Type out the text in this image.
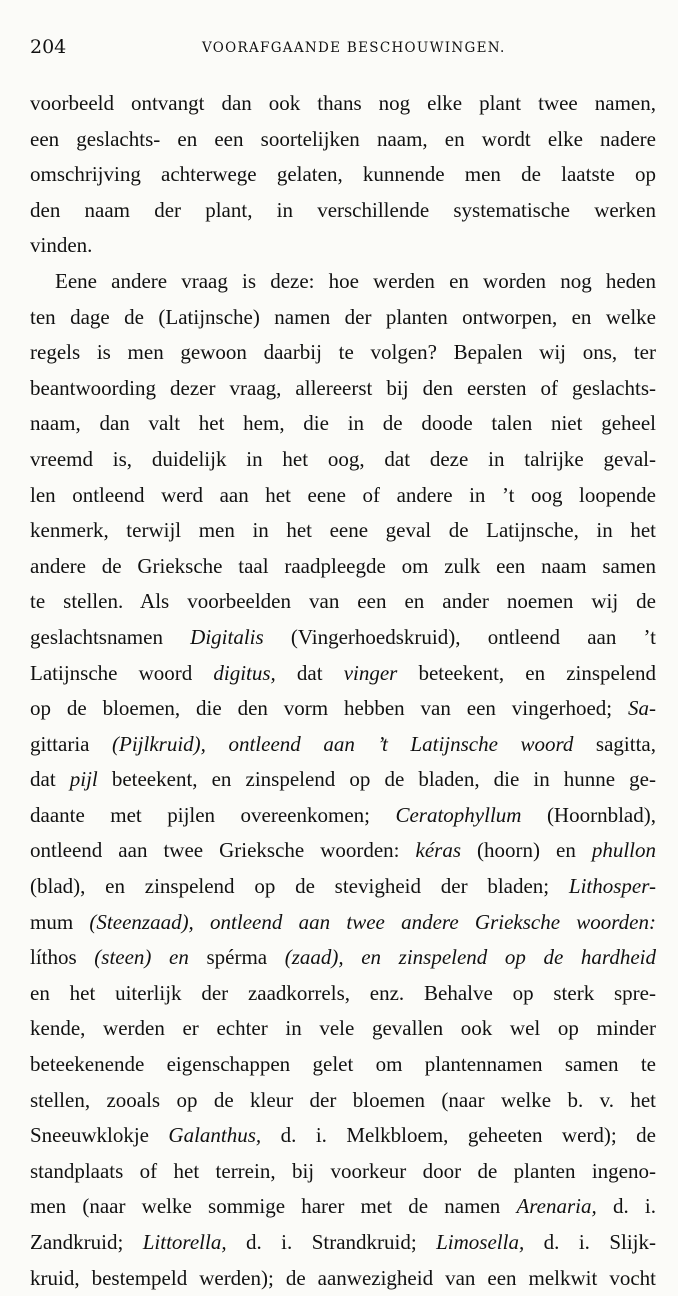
204	VOORAFGAANDE BESCHOUWINGEN.
voorbeeld ontvangt dan ook thans nog elke plant twee namen,
een geslachts- en een soortelijken naam, en wordt elke nadere
omschrijving achterwege gelaten, kunnende men de laatste op
den naam der plant, in verschillende systematische werken
vinden.
Eene andere vraag is deze: hoe werden en worden nog heden
ten dage de (Latijnsche) namen der planten ontworpen, en welke
regels is men gewoon daarbij te volgen? Bepalen wij ons, ter
beantwoording dezer vraag, allereerst bij den eersten of geslachts-
naam, dan valt het hem, die in de doode talen niet geheel
vreemd is, duidelijk in het oog, dat deze in talrijke geval-
len ontleend werd aan het eene of andere in ’t oog loopende
kenmerk, terwijl men in het eene geval de Latijnsche, in het
andere de Grieksche taal raadpleegde om zulk een naam samen
te stellen. Als voorbeelden van een en ander noemen wij de
geslachtsnamen Digitalis (Vingerhoedskruid), ontleend aan ’t
Latijnsche woord digitus, dat vinger beteekent, en zinspelend
op de bloemen, die den vorm hebben van een vingerhoed; Sa-
gittaria (Pijlkruid), ontleend aan ’t Latijnsche woord sagitta,
dat pijl beteekent, en zinspelend op de bladen, die in hunne ge-
daante met pijlen overeenkomen; Ceratophyllum (Hoornblad),
ontleend aan twee Grieksche woorden: kéras (hoorn) en phullon
(blad), en zinspelend op de stevigheid der bladen; Lithosper-
mum (Steenzaad), ontleend aan twee andere Grieksche woorden:
líthos (steen) en spérma (zaad), en zinspelend op de hardheid
en het uiterlijk der zaadkorrels, enz. Behalve op sterk spre-
kende, werden er echter in vele gevallen ook wel op minder
beteekenende eigenschappen gelet om plantennamen samen te
stellen, zooals op de kleur der bloemen (naar welke b. v. het
Sneeuwklokje Galanthus, d. i. Melkbloem, geheeten werd); de
standplaats of het terrein, bij voorkeur door de planten ingeno-
men (naar welke sommige harer met de namen Arenaria, d. i.
Zandkruid; Littorella, d. i. Strandkruid; Limosella, d. i. Slijk-
kruid, bestempeld werden); de aanwezigheid van een melkwit vocht
